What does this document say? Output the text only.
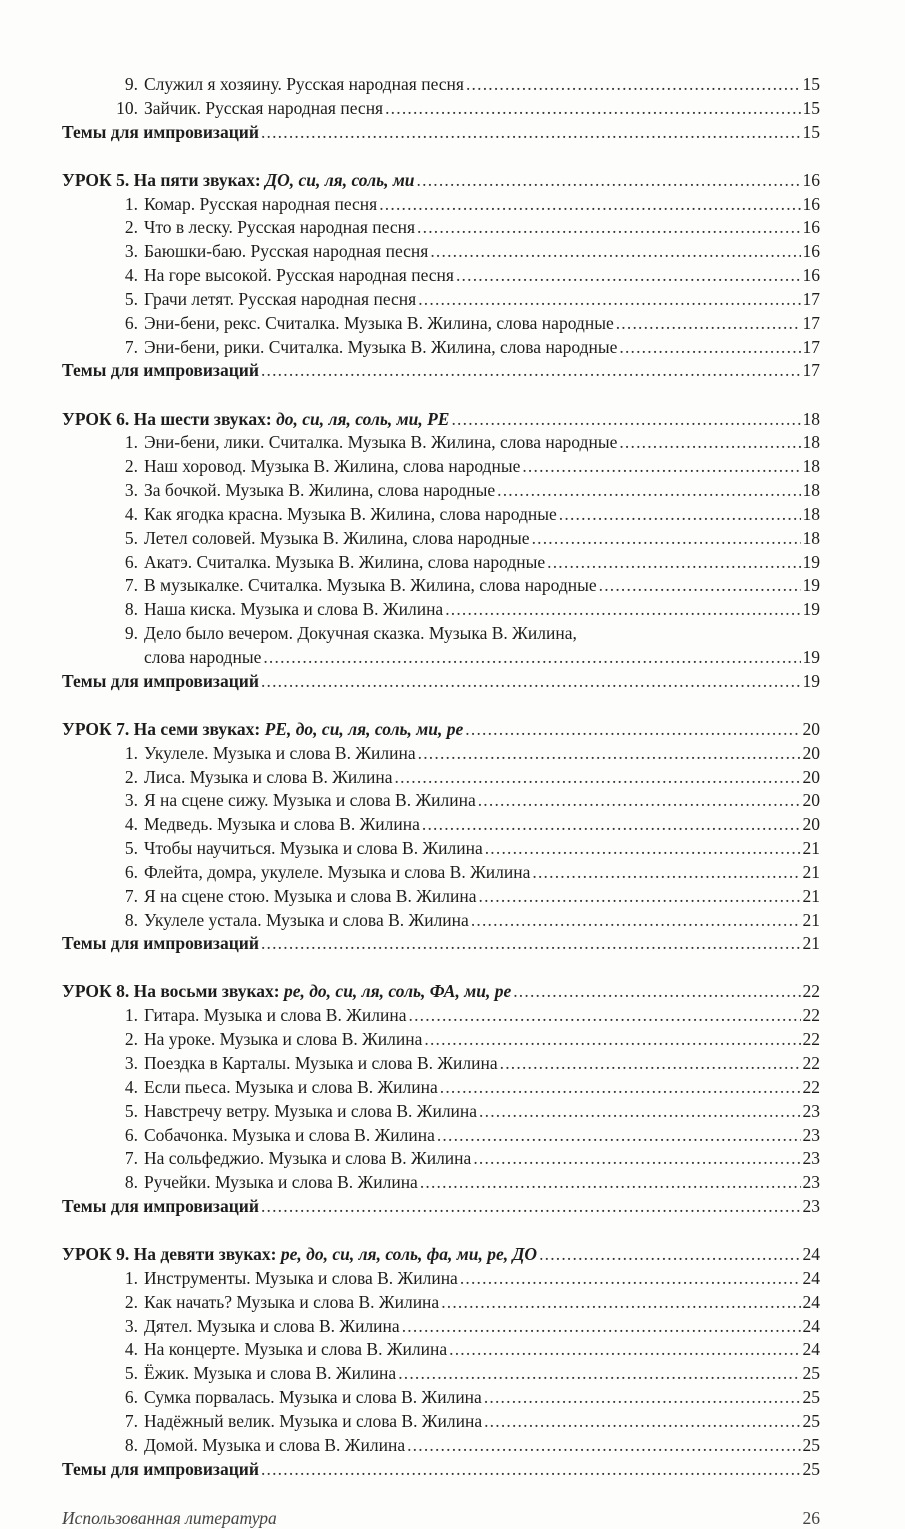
9. Служил я хозяину. Русская народная песня .....	15
10. Зайчик. Русская народная песня .....	15
Темы для импровизаций .....	15
УРОК 5. На пяти звуках: ДО, си, ля, соль, ми .....	16
1. Комар. Русская народная песня .....	16
2. Что в леску. Русская народная песня .....	16
3. Баюшки-баю. Русская народная песня .....	16
4. На горе высокой. Русская народная песня .....	16
5. Грачи летят. Русская народная песня .....	17
6. Эни-бени, рекс. Считалка. Музыка В. Жилина, слова народные .....	17
7. Эни-бени, рики. Считалка. Музыка В. Жилина, слова народные .....	17
Темы для импровизаций .....	17
УРОК 6. На шести звуках: до, си, ля, соль, ми, РЕ .....	18
1. Эни-бени, лики. Считалка. Музыка В. Жилина, слова народные .....	18
2. Наш хоровод. Музыка В. Жилина, слова народные .....	18
3. За бочкой. Музыка В. Жилина, слова народные .....	18
4. Как ягодка красна. Музыка В. Жилина, слова народные .....	18
5. Летел соловей. Музыка В. Жилина, слова народные .....	18
6. Акатэ. Считалка. Музыка В. Жилина, слова народные .....	19
7. В музыкалке. Считалка. Музыка В. Жилина, слова народные .....	19
8. Наша киска. Музыка и слова В. Жилина .....	19
9. Дело было вечером. Докучная сказка. Музыка В. Жилина,
слова народные .....	19
Темы для импровизаций .....	19
УРОК 7. На семи звуках: РЕ, до, си, ля, соль, ми, ре .....	20
1. Укулеле. Музыка и слова В. Жилина .....	20
2. Лиса. Музыка и слова В. Жилина .....	20
3. Я на сцене сижу. Музыка и слова В. Жилина .....	20
4. Медведь. Музыка и слова В. Жилина .....	20
5. Чтобы научиться. Музыка и слова В. Жилина .....	21
6. Флейта, домра, укулеле. Музыка и слова В. Жилина .....	21
7. Я на сцене стою. Музыка и слова В. Жилина .....	21
8. Укулеле устала. Музыка и слова В. Жилина .....	21
Темы для импровизаций .....	21
УРОК 8. На восьми звуках: ре, до, си, ля, соль, ФА, ми, ре .....	22
1. Гитара. Музыка и слова В. Жилина .....	22
2. На уроке. Музыка и слова В. Жилина .....	22
3. Поездка в Карталы. Музыка и слова В. Жилина .....	22
4. Если пьеса. Музыка и слова В. Жилина .....	22
5. Навстречу ветру. Музыка и слова В. Жилина .....	23
6. Собачонка. Музыка и слова В. Жилина .....	23
7. На сольфеджио. Музыка и слова В. Жилина .....	23
8. Ручейки. Музыка и слова В. Жилина .....	23
Темы для импровизаций .....	23
УРОК 9. На девяти звуках: ре, до, си, ля, соль, фа, ми, ре, ДО .....	24
1. Инструменты. Музыка и слова В. Жилина .....	24
2. Как начать? Музыка и слова В. Жилина .....	24
3. Дятел. Музыка и слова В. Жилина .....	24
4. На концерте. Музыка и слова В. Жилина .....	24
5. Ёжик. Музыка и слова В. Жилина .....	25
6. Сумка порвалась. Музыка и слова В. Жилина .....	25
7. Надёжный велик. Музыка и слова В. Жилина .....	25
8. Домой. Музыка и слова В. Жилина .....	25
Темы для импровизаций .....	25
Использованная литература	26
